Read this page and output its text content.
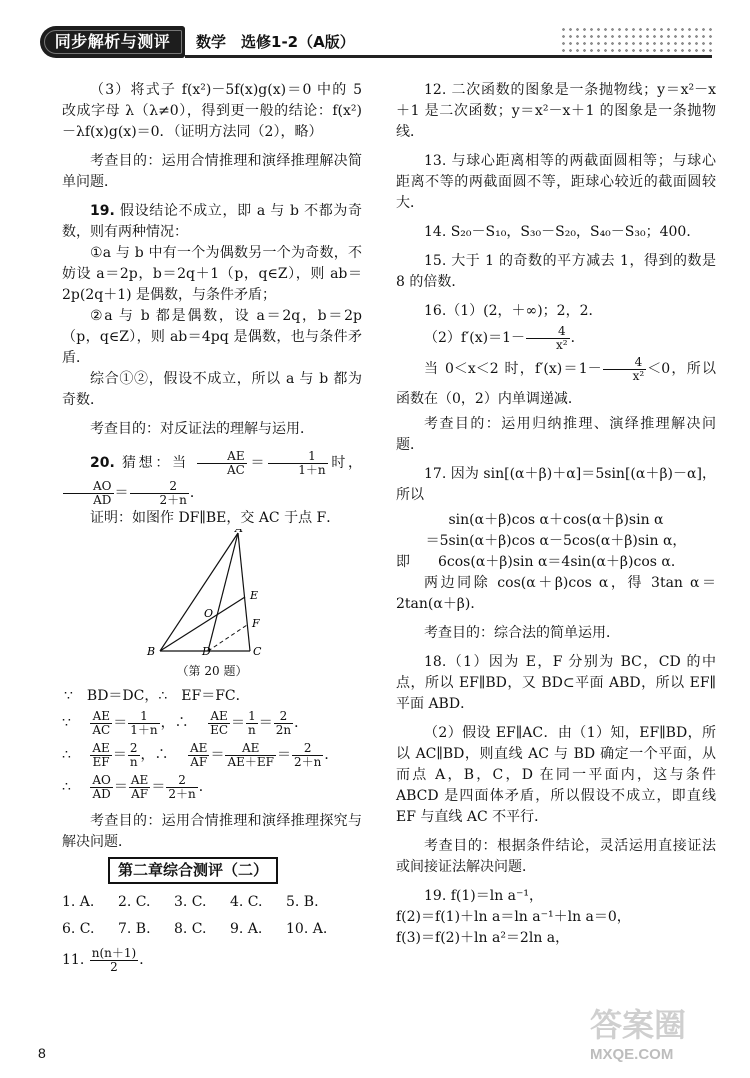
同步解析与测评	数学　选修1-2（A版）

（3）将式子 f(x²)－5f(x)g(x)＝0 中的 5 改成字母 λ（λ≠0），得到更一般的结论：f(x²)－λf(x)g(x)＝0．（证明方法同（2），略）

考查目的：运用合情推理和演绎推理解决简单问题．

19. 假设结论不成立，即 a 与 b 不都为奇数，则有两种情况：

①a 与 b 中有一个为偶数另一个为奇数，不妨设 a＝2p，b＝2q＋1（p，q∈Z），则 ab＝2p(2q＋1) 是偶数，与条件矛盾；

②a 与 b 都是偶数，设 a＝2q，b＝2p（p，q∈Z），则 ab＝4pq 是偶数，也与条件矛盾．

综合①②，假设不成立，所以 a 与 b 都为奇数．

考查目的：对反证法的理解与运用．

20. 猜想：当 $\frac{AE}{AC} = \frac{1}{1+n}$ 时，
$\frac{AO}{AD} = \frac{2}{2+n}$ ．

证明：如图作 DF∥BE，交 AC 于点 F．

B	C
D
E
F
O
（第 20 题）

∵　BD＝DC，∴　EF＝FC．

∵　 $\frac{AE}{AC} = \frac{1}{1+n}$ ，∴　 $\frac{AE}{EC} = \frac{1}{n} = \frac{2}{2n}$ ．

∴　 $\frac{AE}{EF} = \frac{2}{n}$ ，∴　 $\frac{AE}{AF} = \frac{AE}{AE+EF} = \frac{2}{2+n}$ ．

∴　 $\frac{AO}{AD} = \frac{AE}{AF} = \frac{2}{2+n}$ ．

考查目的：运用合情推理和演绎推理探究与解决问题．

第二章综合测评（二）
1. A.	2. C.	3. C.	4. C.	5. B.
6. C.	7. B.	8. C.	9. A.	10. A.

11. $\frac{n(n+1)}{2}$ ．

12. 二次函数的图象是一条抛物线；y＝x²－x＋1 是二次函数；y＝x²－x＋1 的图象是一条抛物线．

13. 与球心距离相等的两截面圆相等；与球心距离不等的两截面圆不等，距球心较近的截面圆较大．

14. S₂₀－S₁₀，S₃₀－S₂₀，S₄₀－S₃₀；400．

15. 大于 1 的奇数的平方减去 1，得到的数是 8 的倍数．

16.（1）(2，＋∞)；2，2．

$(2)f'(x)=1- \frac{4}{\text{x²}}$ ．

当 0＜x＜2 时，$f'(x)=1- \frac{4}{\text{x²}} <0$，所以函数在（0，2）内单调递减．

考查目的：运用归纳推理、演绎推理解决问题．

17. 因为 sin[(α＋β)＋α]＝5sin[(α＋β)－α]，所以

sin(α＋β)cos α＋cos(α＋β)sin α

＝5sin(α＋β)cos α－5cos(α＋β)sin α，

即　　6cos(α＋β)sin α＝4sin(α＋β)cos α．

两边同除 cos(α＋β)cos α，得 3tan α＝2tan(α＋β)．

考查目的：综合法的简单运用．

18.（1）因为 E，F 分别为 BC，CD 的中点，所以 EF∥BD，又 BD⊂平面 ABD，所以 EF∥平面 ABD．

（2）假设 EF∥AC．由（1）知，EF∥BD，所以 AC∥BD，则直线 AC 与 BD 确定一个平面，从而点 A，B，C，D 在同一平面内，这与条件 ABCD 是四面体矛盾，所以假设不成立，即直线 EF 与直线 AC 不平行．

考查目的：根据条件结论，灵活运用直接证法或间接证法解决问题．

19. f(1)＝ln a⁻¹，

f(2)＝f(1)＋ln a＝ln a⁻¹＋ln a＝0，

f(3)＝f(2)＋ln a²＝2ln a，

8
答案圈
MXQE.COM
